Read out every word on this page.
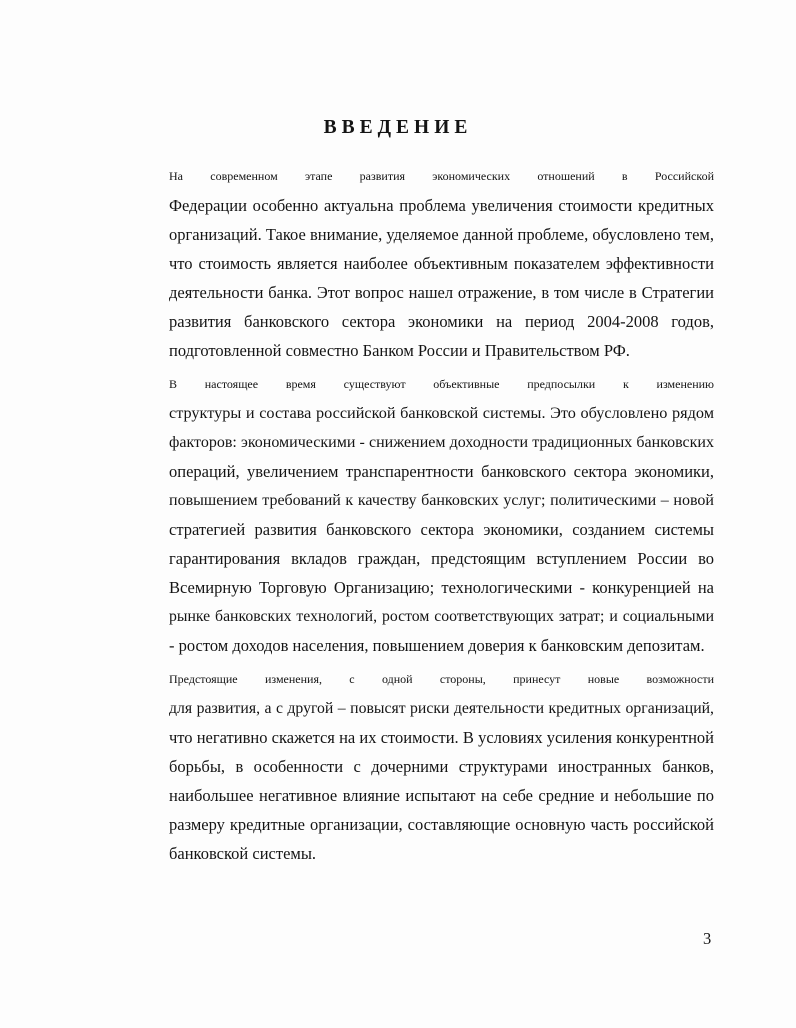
ВВЕДЕНИЕ

На современном этапе развития экономических отношений в Российской
Федерации особенно актуальна проблема увеличения стоимости кредитных
организаций. Такое внимание, уделяемое данной проблеме, обусловлено тем,
что стоимость является наиболее объективным показателем эффективности
деятельности банка. Этот вопрос нашел отражение, в том числе в Стратегии
развития банковского сектора экономики на период 2004-2008 годов,
подготовленной совместно Банком России и Правительством РФ.

В настоящее время существуют объективные предпосылки к изменению
структуры и состава российской банковской системы. Это обусловлено рядом
факторов: экономическими - снижением доходности традиционных банковских
операций, увеличением транспарентности банковского сектора экономики,
повышением требований к качеству банковских услуг; политическими – новой
стратегией развития банковского сектора экономики, созданием системы
гарантирования вкладов граждан, предстоящим вступлением России во
Всемирную Торговую Организацию; технологическими - конкуренцией на
рынке банковских технологий, ростом соответствующих затрат; и социальными
- ростом доходов населения, повышением доверия к банковским депозитам.

Предстоящие изменения, с одной стороны, принесут новые возможности
для развития, а с другой – повысят риски деятельности кредитных организаций,
что негативно скажется на их стоимости. В условиях усиления конкурентной
борьбы, в особенности с дочерними структурами иностранных банков,
наибольшее негативное влияние испытают на себе средние и небольшие по
размеру кредитные организации, составляющие основную часть российской
банковской системы.

3
